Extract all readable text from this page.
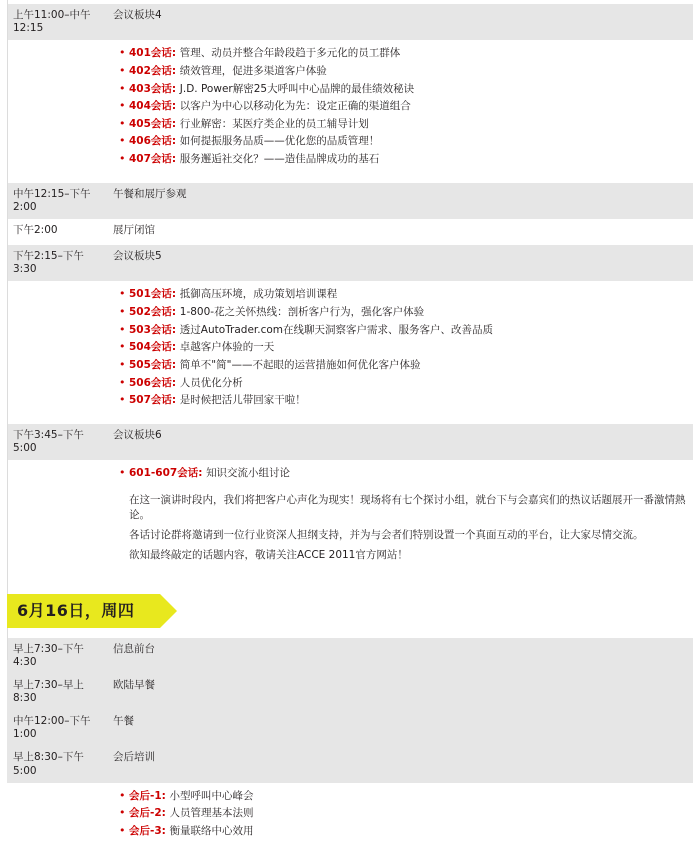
上午11:00–中午12:15
会议板块4
• 401会话: 管理、动员并整合年龄段趋于多元化的员工群体
• 402会话: 绩效管理，促进多渠道客户体验
• 403会话: J.D. Power解密25大呼叫中心品牌的最佳绩效秘诀
• 404会话: 以客户为中心以移动化为先：设定正确的渠道组合
• 405会话: 行业解密：某医疗类企业的员工辅导计划
• 406会话: 如何提振服务品质——优化您的品质管理！
• 407会话: 服务邂逅社交化？——造佳品牌成功的基石
中午12:15–下午2:00
午餐和展厅参观
下午2:00	展厅闭馆
下午2:15–下午3:30
会议板块5
• 501会话: 抵御高压环境，成功策划培训课程
• 502会话: 1-800-花之关怀热线：剖析客户行为，强化客户体验
• 503会话: 透过AutoTrader.com在线聊天洞察客户需求、服务客户、改善品质
• 504会话: 卓越客户体验的一天
• 505会话: 简单不"简"——不起眼的运营措施如何优化客户体验
• 506会话: 人员优化分析
• 507会话: 是时候把活儿带回家干啦！
下午3:45–下午5:00
会议板块6
• 601-607会话: 知识交流小组讨论
在这一演讲时段内，我们将把客户心声化为现实！现场将有七个探讨小组，就台下与会嘉宾们的热议话题展开一番激情熱论。
各话讨论群将邀请到一位行业资深人担纲支持，并为与会者们特别设置一个真面互动的平台，让大家尽情交流。
欲知最终敲定的话题内容，敬请关注ACCE 2011官方网站！
6月16日，周四
早上7:30–下午4:30
信息前台
早上7:30–早上8:30
欧陆早餐
中午12:00–下午1:00
午餐
早上8:30–下午5:00
会后培训
• 会后-1: 小型呼叫中心峰会
• 会后-2: 人员管理基本法则
• 会后-3: 衡量联络中心效用
